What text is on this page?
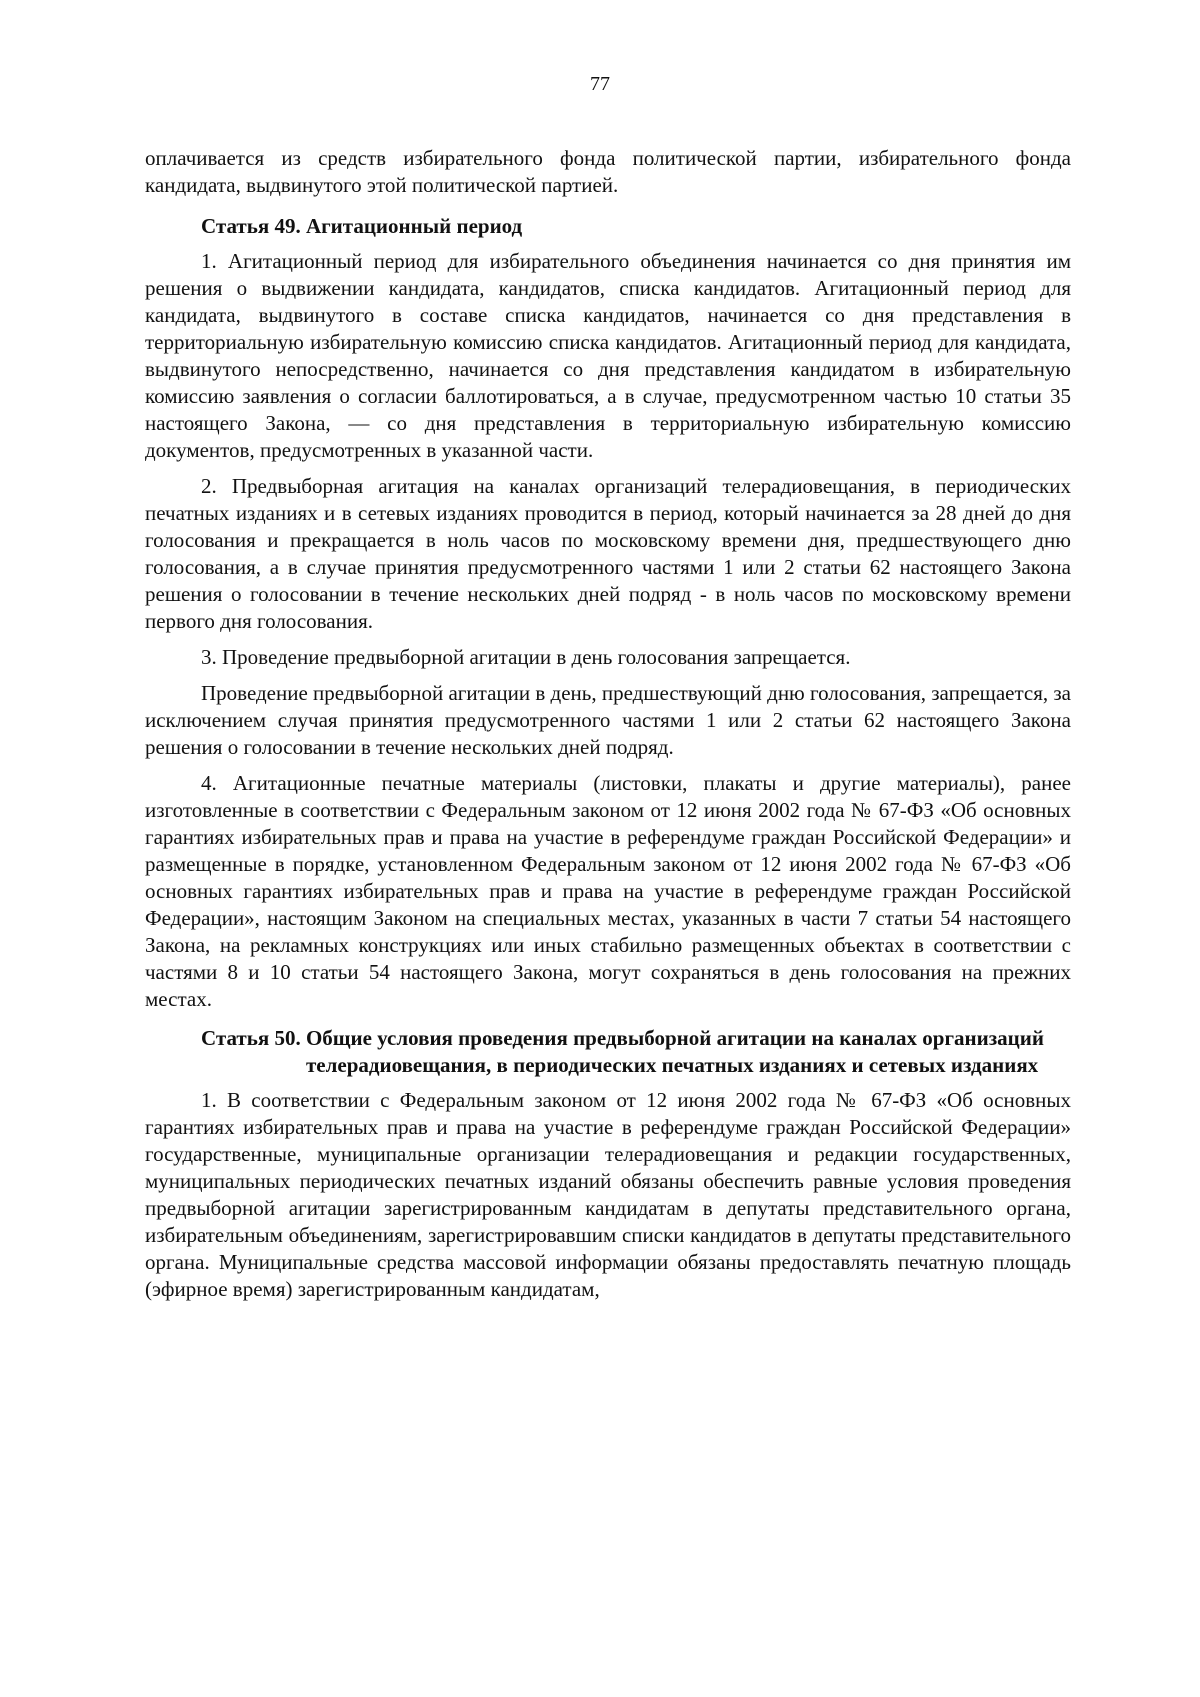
77

оплачивается из средств избирательного фонда политической партии, избирательного фонда кандидата, выдвинутого этой политической партией.

Статья 49. Агитационный период

1. Агитационный период для избирательного объединения начинается со дня принятия им решения о выдвижении кандидата, кандидатов, списка кандидатов. Агитационный период для кандидата, выдвинутого в составе списка кандидатов, начинается со дня представления в территориальную избирательную комиссию списка кандидатов. Агитационный период для кандидата, выдвинутого непосредственно, начинается со дня представления кандидатом в избирательную комиссию заявления о согласии баллотироваться, а в случае, предусмотренном частью 10 статьи 35 настоящего Закона, — со дня представления в территориальную избирательную комиссию документов, предусмотренных в указанной части.

2. Предвыборная агитация на каналах организаций телерадиовещания, в периодических печатных изданиях и в сетевых изданиях проводится в период, который начинается за 28 дней до дня голосования и прекращается в ноль часов по московскому времени дня, предшествующего дню голосования, а в случае принятия предусмотренного частями 1 или 2 статьи 62 настоящего Закона решения о голосовании в течение нескольких дней подряд - в ноль часов по московскому времени первого дня голосования.

3. Проведение предвыборной агитации в день голосования запрещается.

Проведение предвыборной агитации в день, предшествующий дню голосования, запрещается, за исключением случая принятия предусмотренного частями 1 или 2 статьи 62 настоящего Закона решения о голосовании в течение нескольких дней подряд.

4. Агитационные печатные материалы (листовки, плакаты и другие материалы), ранее изготовленные в соответствии с Федеральным законом от 12 июня 2002 года № 67-ФЗ «Об основных гарантиях избирательных прав и права на участие в референдуме граждан Российской Федерации» и размещенные в порядке, установленном Федеральным законом от 12 июня 2002 года № 67-ФЗ «Об основных гарантиях избирательных прав и права на участие в референдуме граждан Российской Федерации», настоящим Законом на специальных местах, указанных в части 7 статьи 54 настоящего Закона, на рекламных конструкциях или иных стабильно размещенных объектах в соответствии с частями 8 и 10 статьи 54 настоящего Закона, могут сохраняться в день голосования на прежних местах.

Статья 50. Общие условия проведения предвыборной агитации на каналах организаций телерадиовещания, в периодических печатных изданиях и сетевых изданиях

1. В соответствии с Федеральным законом от 12 июня 2002 года № 67-ФЗ «Об основных гарантиях избирательных прав и права на участие в референдуме граждан Российской Федерации» государственные, муниципальные организации телерадиовещания и редакции государственных, муниципальных периодических печатных изданий обязаны обеспечить равные условия проведения предвыборной агитации зарегистрированным кандидатам в депутаты представительного органа, избирательным объединениям, зарегистрировавшим списки кандидатов в депутаты представительного органа. Муниципальные средства массовой информации обязаны предоставлять печатную площадь (эфирное время) зарегистрированным кандидатам,
